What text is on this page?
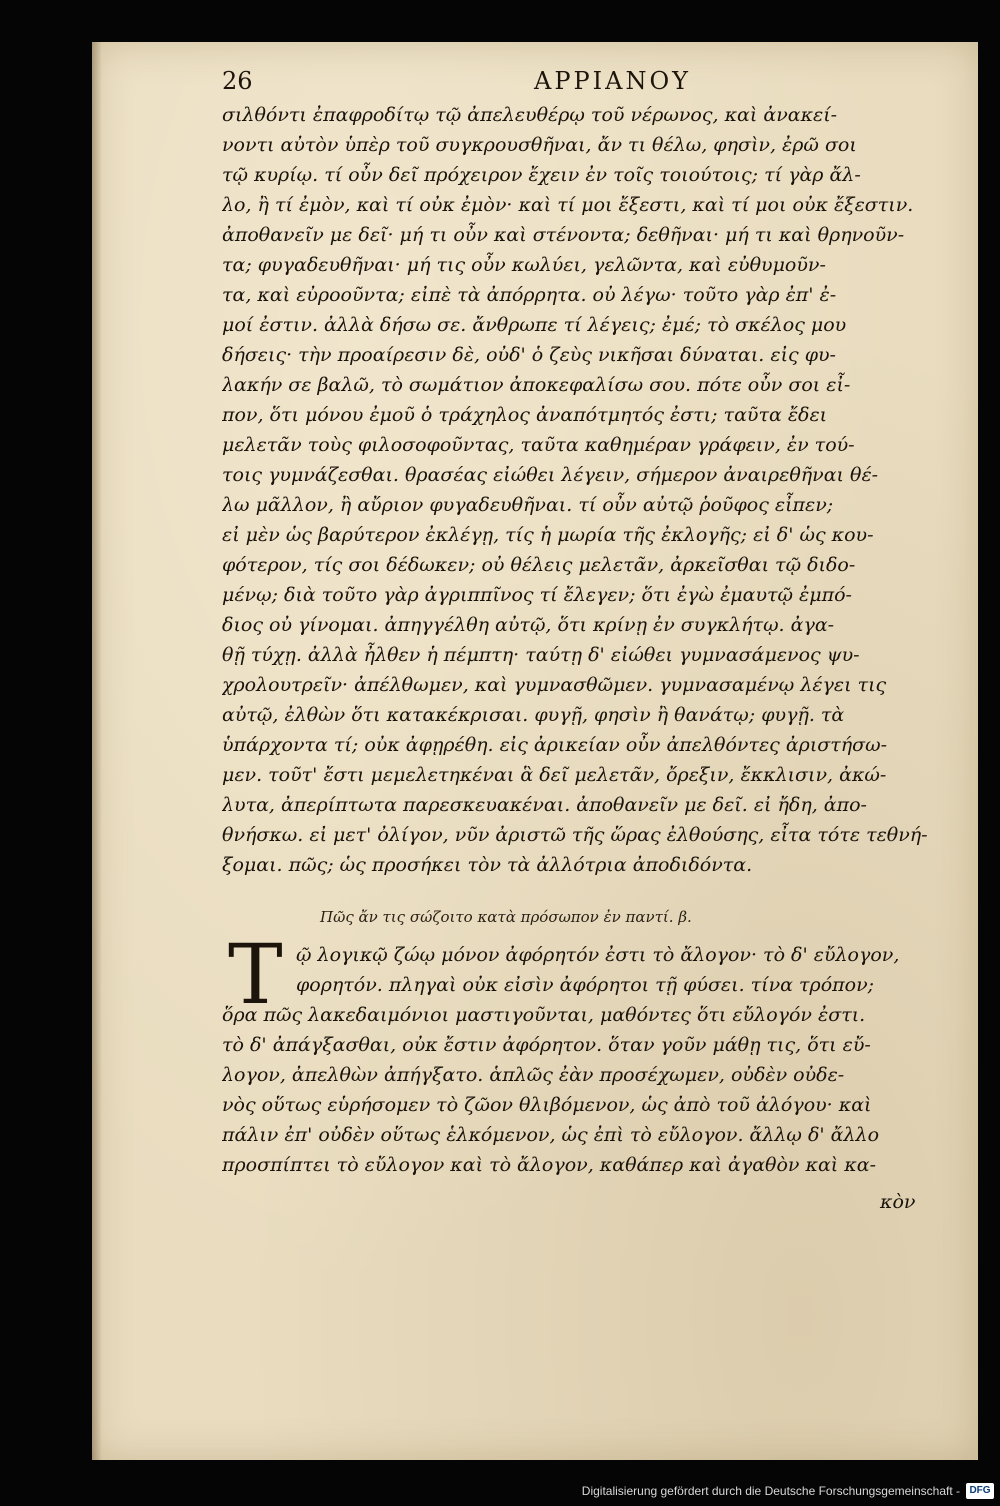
26	ΑΡΡΙΑΝΟΥ
σιλθόντι ἐπαφροδίτῳ τῷ ἀπελευθέρῳ τοῦ νέρωνος, καὶ ἀνακεί-
νοντι αὐτὸν ὑπὲρ τοῦ συγκρουσθῆναι, ἄν τι θέλω, φησὶν, ἐρῶ σοι
τῷ κυρίῳ. τί οὖν δεῖ πρόχειρον ἔχειν ἐν τοῖς τοιούτοις; τί γὰρ ἄλ-
λο, ἢ τί ἐμὸν, καὶ τί οὐκ ἐμὸν· καὶ τί μοι ἔξεστι, καὶ τί μοι οὐκ ἔξεστιν.
ἀποθανεῖν με δεῖ· μή τι οὖν καὶ στένοντα; δεθῆναι· μή τι καὶ θρηνοῦν-
τα; φυγαδευθῆναι· μή τις οὖν κωλύει, γελῶντα, καὶ εὐθυμοῦν-
τα, καὶ εὐροοῦντα; εἰπὲ τὰ ἀπόρρητα. οὐ λέγω· τοῦτο γὰρ ἐπ' ἐ-
μοί ἐστιν. ἀλλὰ δήσω σε. ἄνθρωπε τί λέγεις; ἐμέ; τὸ σκέλος μου
δήσεις· τὴν προαίρεσιν δὲ, οὐδ' ὁ ζεὺς νικῆσαι δύναται. εἰς φυ-
λακήν σε βαλῶ, τὸ σωμάτιον ἀποκεφαλίσω σου. πότε οὖν σοι εἶ-
πον, ὅτι μόνου ἐμοῦ ὁ τράχηλος ἀναπότμητός ἐστι; ταῦτα ἔδει
μελετᾶν τοὺς φιλοσοφοῦντας, ταῦτα καθημέραν γράφειν, ἐν τού-
τοις γυμνάζεσθαι. θρασέας εἰώθει λέγειν, σήμερον ἀναιρεθῆναι θέ-
λω μᾶλλον, ἢ αὔριον φυγαδευθῆναι. τί οὖν αὐτῷ ῥοῦφος εἶπεν;
εἰ μὲν ὡς βαρύτερον ἐκλέγῃ, τίς ἡ μωρία τῆς ἐκλογῆς; εἰ δ' ὡς κου-
φότερον, τίς σοι δέδωκεν; οὐ θέλεις μελετᾶν, ἀρκεῖσθαι τῷ διδο-
μένῳ; διὰ τοῦτο γὰρ ἀγριππῖνος τί ἔλεγεν; ὅτι ἐγὼ ἐμαυτῷ ἐμπό-
διος οὐ γίνομαι. ἀπηγγέλθη αὐτῷ, ὅτι κρίνῃ ἐν συγκλήτῳ. ἀγα-
θῇ τύχῃ. ἀλλὰ ἦλθεν ἡ πέμπτη· ταύτῃ δ' εἰώθει γυμνασάμενος ψυ-
χρολουτρεῖν· ἀπέλθωμεν, καὶ γυμνασθῶμεν. γυμνασαμένῳ λέγει τις
αὐτῷ, ἐλθὼν ὅτι κατακέκρισαι. φυγῇ, φησὶν ἢ θανάτῳ; φυγῇ. τὰ
ὑπάρχοντα τί; οὐκ ἀφῃρέθη. εἰς ἀρικείαν οὖν ἀπελθόντες ἀριστήσω-
μεν. τοῦτ' ἔστι μεμελετηκέναι ἃ δεῖ μελετᾶν, ὄρεξιν, ἔκκλισιν, ἀκώ-
λυτα, ἀπερίπτωτα παρεσκευακέναι. ἀποθανεῖν με δεῖ. εἰ ἤδη, ἀπο-
θνήσκω. εἰ μετ' ὀλίγον, νῦν ἀριστῶ τῆς ὥρας ἐλθούσης, εἶτα τότε τεθνή-
ξομαι. πῶς; ὡς προσήκει τὸν τὰ ἀλλότρια ἀποδιδόντα.
Πῶς ἄν τις σώζοιτο κατὰ πρόσωπον ἐν παντί. β.
T ῷ λογικῷ ζώῳ μόνον ἀφόρητόν ἐστι τὸ ἄλογον· τὸ δ' εὔλογον,
φορητόν. πληγαὶ οὐκ εἰσὶν ἀφόρητοι τῇ φύσει. τίνα τρόπον;
ὅρα πῶς λακεδαιμόνιοι μαστιγοῦνται, μαθόντες ὅτι εὔλογόν ἐστι.
τὸ δ' ἀπάγξασθαι, οὐκ ἔστιν ἀφόρητον. ὅταν γοῦν μάθῃ τις, ὅτι εὔ-
λογον, ἀπελθὼν ἀπήγξατο. ἁπλῶς ἐὰν προσέχωμεν, οὐδὲν οὐδε-
νὸς οὕτως εὑρήσομεν τὸ ζῶον θλιβόμενον, ὡς ἀπὸ τοῦ ἀλόγου· καὶ
πάλιν ἐπ' οὐδὲν οὕτως ἑλκόμενον, ὡς ἐπὶ τὸ εὔλογον. ἄλλῳ δ' ἄλλο
προσπίπτει τὸ εὔλογον καὶ τὸ ἄλογον, καθάπερ καὶ ἀγαθὸν καὶ κα-
κὸν
Digitalisierung gefördert durch die Deutsche Forschungsgemeinschaft - DFG
